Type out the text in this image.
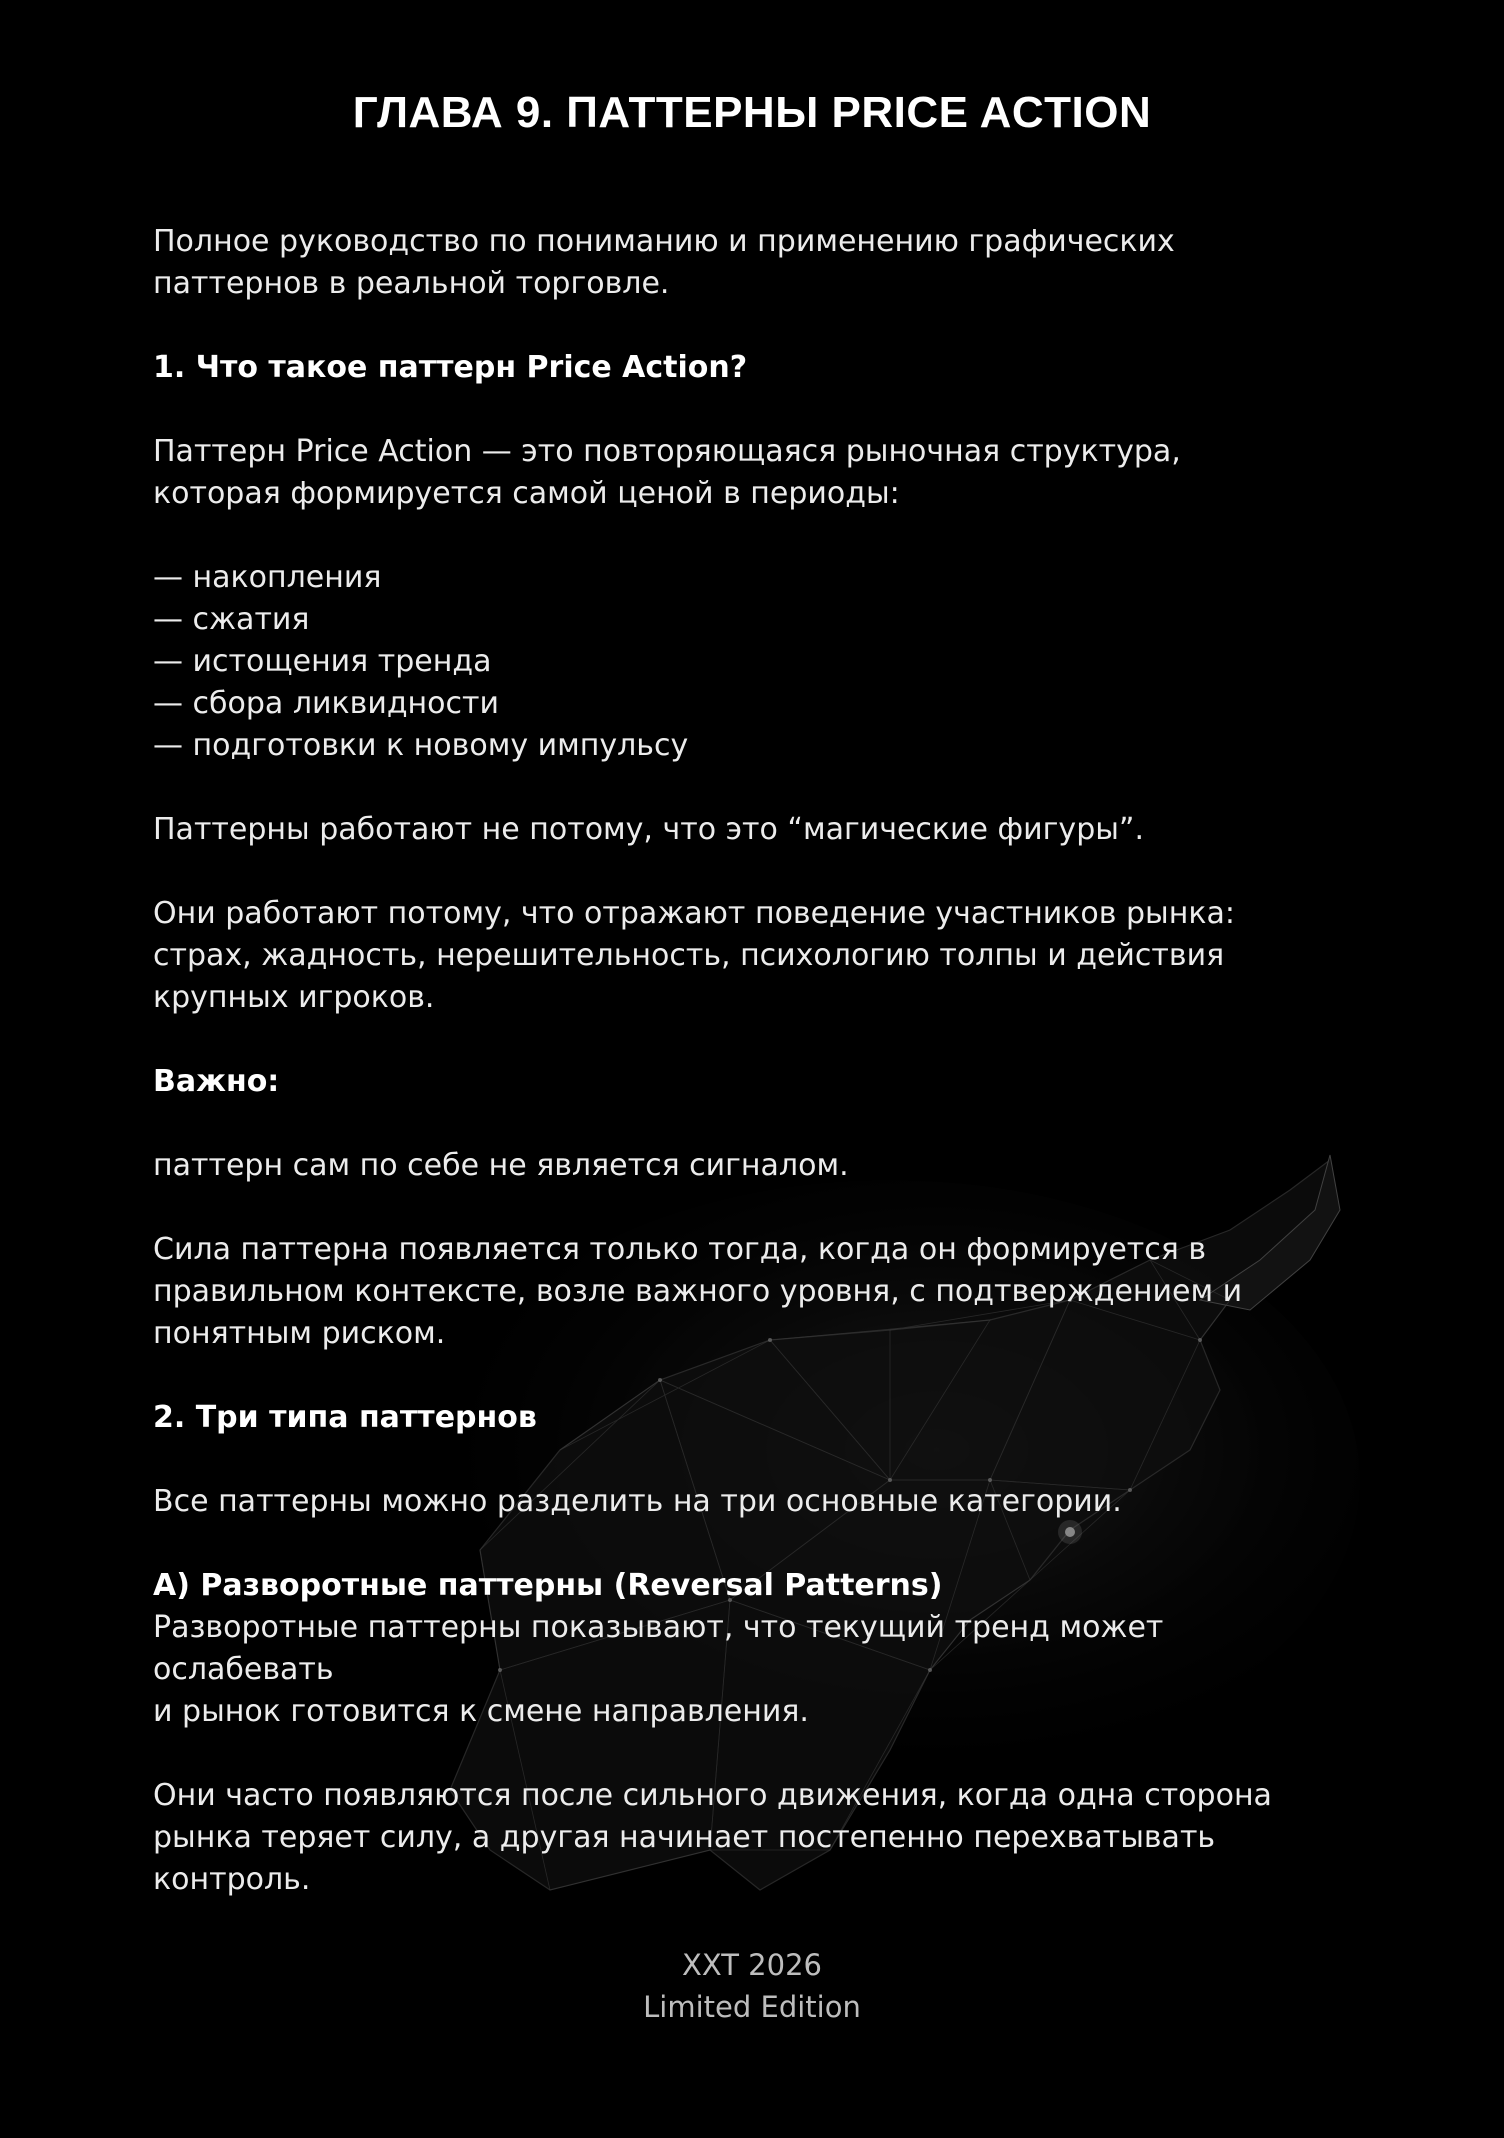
ГЛАВА 9. ПАТТЕРНЫ PRICE ACTION

Полное руководство по пониманию и применению графических

паттернов в реальной торговле.

1. Что такое паттерн Price Action?

Паттерн Price Action — это повторяющаяся рыночная структура,

которая формируется самой ценой в периоды:

— накопления

— сжатия

— истощения тренда

— сбора ликвидности

— подготовки к новому импульсу

Паттерны работают не потому, что это “магические фигуры”.

Они работают потому, что отражают поведение участников рынка:

страх, жадность, нерешительность, психологию толпы и действия

крупных игроков.

Важно:

паттерн сам по себе не является сигналом.

Сила паттерна появляется только тогда, когда он формируется в

правильном контексте, возле важного уровня, с подтверждением и

понятным риском.

2. Три типа паттернов

Все паттерны можно разделить на три основные категории.

A) Разворотные паттерны (Reversal Patterns)

Разворотные паттерны показывают, что текущий тренд может

ослабевать

и рынок готовится к смене направления.

Они часто появляются после сильного движения, когда одна сторона

рынка теряет силу, а другая начинает постепенно перехватывать

контроль.

XXT 2026

Limited Edition
